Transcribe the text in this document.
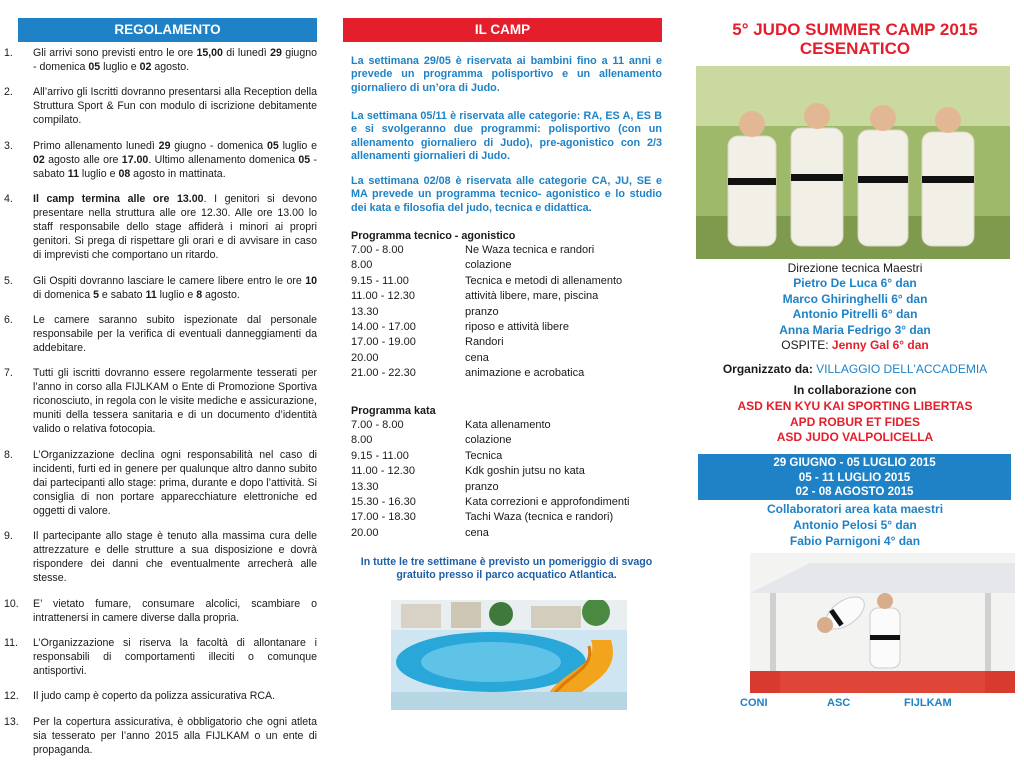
REGOLAMENTO
1. Gli arrivi sono previsti entro le ore 15,00 di lunedì 29 giugno - domenica 05 luglio e 02 agosto.
2. All’arrivo gli Iscritti dovranno presentarsi alla Reception della Struttura Sport & Fun con modulo di iscrizione debitamente compilato.
3. Primo allenamento lunedì 29 giugno - domenica 05 luglio e 02 agosto alle ore 17.00. Ultimo allenamento domenica 05 - sabato 11 luglio e 08 agosto in mattinata.
4. Il camp termina alle ore 13.00. I genitori si devono presentare nella struttura alle ore 12.30. Alle ore 13.00 lo staff responsabile dello stage affiderà i minori ai propri genitori. Si prega di rispettare gli orari e di avvisare in caso di imprevisti che comportano un ritardo.
5. Gli Ospiti dovranno lasciare le camere libere entro le ore 10 di domenica 5 e sabato 11 luglio e 8 agosto.
6. Le camere saranno subito ispezionate dal personale responsabile per la verifica di eventuali danneggiamenti da addebitare.
7. Tutti gli iscritti dovranno essere regolarmente tesserati per l’anno in corso alla FIJLKAM o Ente di Promozione Sportiva riconosciuto, in regola con le visite mediche e assicurazione, muniti della tessera sanitaria e di un documento d’identità valido o relativa fotocopia.
8. L’Organizzazione declina ogni responsabilità nel caso di incidenti, furti ed in genere per qualunque altro danno subito dai partecipanti allo stage: prima, durante e dopo l’attività. Si consiglia di non portare apparecchiature elettroniche ed oggetti di valore.
9. Il partecipante allo stage è tenuto alla massima cura delle attrezzature e delle strutture a sua disposizione e dovrà rispondere dei danni che eventualmente arrecherà alle stesse.
10. E’ vietato fumare, consumare alcolici, scambiare o intrattenersi in camere diverse dalla propria.
11. L’Organizzazione si riserva la facoltà di allontanare i responsabili di comportamenti illeciti o comunque antisportivi.
12. Il judo camp è coperto da polizza assicurativa RCA.
13. Per la copertura assicurativa, è obbligatorio che ogni atleta sia tesserato per l’anno 2015 alla FIJLKAM o un ente di propaganda.
IL CAMP

La settimana 29/05 è riservata ai bambini fino a 11 anni e prevede un programma polisportivo e un allenamento giornaliero di un’ora di Judo.

La settimana 05/11 è riservata alle categorie: RA, ES A, ES B e si svolgeranno due programmi: polisportivo (con un allenamento giornaliero di Judo), pre-agonistico con 2/3 allenamenti giornalieri di Judo.

La settimana 02/08 è riservata alle categorie CA, JU, SE e MA prevede un programma tecnico- agonistico e lo studio dei kata e filosofia del judo, tecnica e didattica.

Programma tecnico - agonistico
7.00 - 8.00	Ne Waza tecnica e randori
8.00	colazione
9.15 - 11.00	Tecnica e metodi di allenamento
11.00 - 12.30	attività libere, mare, piscina
13.30	pranzo
14.00 - 17.00	riposo e attività libere
17.00 - 19.00	Randori
20.00	cena
21.00 - 22.30	animazione e acrobatica
Programma kata
7.00 - 8.00	Kata allenamento
8.00	colazione
9.15 - 11.00	Tecnica
11.00 - 12.30	Kdk goshin jutsu no kata
13.30	pranzo
15.30 - 16.30	Kata correzioni e approfondimenti
17.00 - 18.30	Tachi Waza (tecnica e randori)
20.00	cena

In tutte le tre settimane è previsto un pomeriggio di svago gratuito presso il parco acquatico Atlantica.

5° JUDO SUMMER CAMP 2015
CESENATICO
Direzione tecnica Maestri
Pietro De Luca 6° dan
Marco Ghiringhelli 6° dan
Antonio Pitrelli 6° dan
Anna Maria Fedrigo 3° dan
OSPITE: Jenny Gal 6° dan
Organizzato da: VILLAGGIO DELL'ACCADEMIA
In collaborazione con
ASD KEN KYU KAI SPORTING LIBERTAS
APD ROBUR ET FIDES
ASD JUDO VALPOLICELLA
29 GIUGNO - 05 LUGLIO 2015
05 - 11 LUGLIO 2015
02 - 08 AGOSTO 2015
Collaboratori area kata maestri
Antonio Pelosi 5° dan
Fabio Parnigoni 4° dan
CONI	ASC	FIJLKAM
